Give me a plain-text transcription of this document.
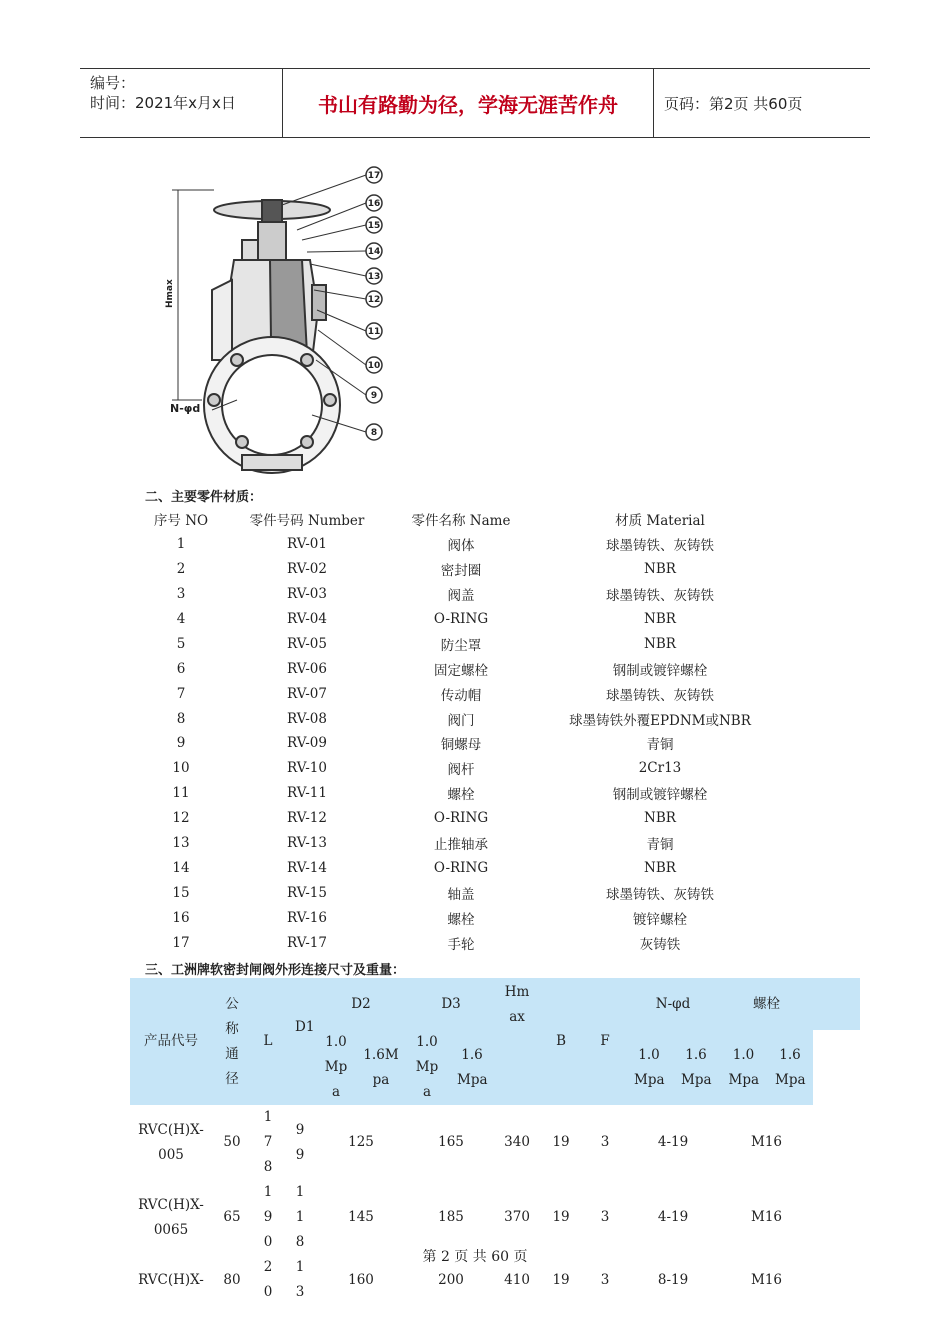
编号：
时间：2021年x月x日	书山有路勤为径，学海无涯苦作舟	页码：第2页 共60页
Hmax
N-φd
17
16
15
14
13
12
11
10
9
8
二、主要零件材质：
序号 NO	零件号码 Number	零件名称 Name	材质 Material
1	RV-01	阀体	球墨铸铁、灰铸铁
2	RV-02	密封圈	NBR
3	RV-03	阀盖	球墨铸铁、灰铸铁
4	RV-04	O-RING	NBR
5	RV-05	防尘罩	NBR
6	RV-06	固定螺栓	钢制或镀锌螺栓
7	RV-07	传动帽	球墨铸铁、灰铸铁
8	RV-08	阀门	球墨铸铁外覆EPDNM或NBR
9	RV-09	铜螺母	青铜
10	RV-10	阀杆	2Cr13
11	RV-11	螺栓	钢制或镀锌螺栓
12	RV-12	O-RING	NBR
13	RV-13	止推轴承	青铜
14	RV-14	O-RING	NBR
15	RV-15	轴盖	球墨铸铁、灰铸铁
16	RV-16	螺栓	镀锌螺栓
17	RV-17	手轮	灰铸铁
三、工洲牌软密封闸阀外形连接尺寸及重量：
产品代号	公称通径	L	D1	D2		D3		Hmax	B	F	N-φd		螺栓		

				1.0Mpa	1.6Mpa	1.0Mpa	1.6 Mpa				1.0 Mpa	1.6 Mpa	1.0 Mpa	1.6 Mpa	

RVC(H)X-005	50	178	99	125		165		340	19	3	4-19		M16		

RVC(H)X-0065	65	190	118	145		185		370	19	3	4-19		M16		

RVC(H)X-	80	20	13	160		200		410	19	3	8-19		M16		
第 2 页 共 60 页
